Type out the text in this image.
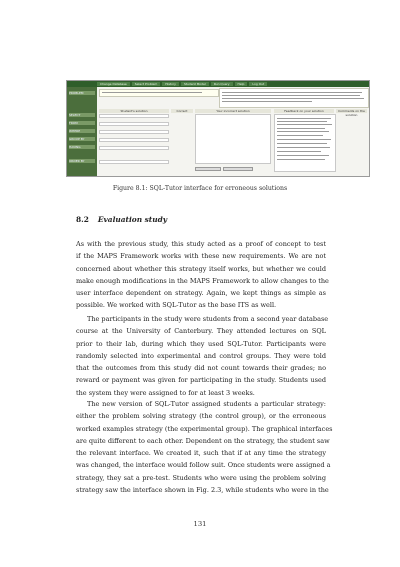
Change Database	Select Problem	History	Student Model	Run Query	Help	Log Out
PROBLEM
SELECT
FROM
WHERE
GROUP BY
HAVING
ORDER BY
Student's solution	Correct	Your incorrect solution	Feedback on your solution	Comments on the solution
Figure 8.1: SQL-Tutor interface for erroneous solutions
8.2 Evaluation study
As with the previous study, this study acted as a proof of concept to test
if the MAPS Framework works with these new requirements. We are not
concerned about whether this strategy itself works, but whether we could
make enough modifications in the MAPS Framework to allow changes to the
user interface dependent on strategy. Again, we kept things as simple as
possible. We worked with SQL-Tutor as the base ITS as well.
The participants in the study were students from a second year database
course at the University of Canterbury. They attended lectures on SQL
prior to their lab, during which they used SQL-Tutor. Participants were
randomly selected into experimental and control groups. They were told
that the outcomes from this study did not count towards their grades; no
reward or payment was given for participating in the study. Students used
the system they were assigned to for at least 3 weeks.
The new version of SQL-Tutor assigned students a particular strategy:
either the problem solving strategy (the control group), or the erroneous
worked examples strategy (the experimental group). The graphical interfaces
are quite different to each other. Dependent on the strategy, the student saw
the relevant interface. We created it, such that if at any time the strategy
was changed, the interface would follow suit. Once students were assigned a
strategy, they sat a pre-test. Students who were using the problem solving
strategy saw the interface shown in Fig. 2.3, while students who were in the
131
